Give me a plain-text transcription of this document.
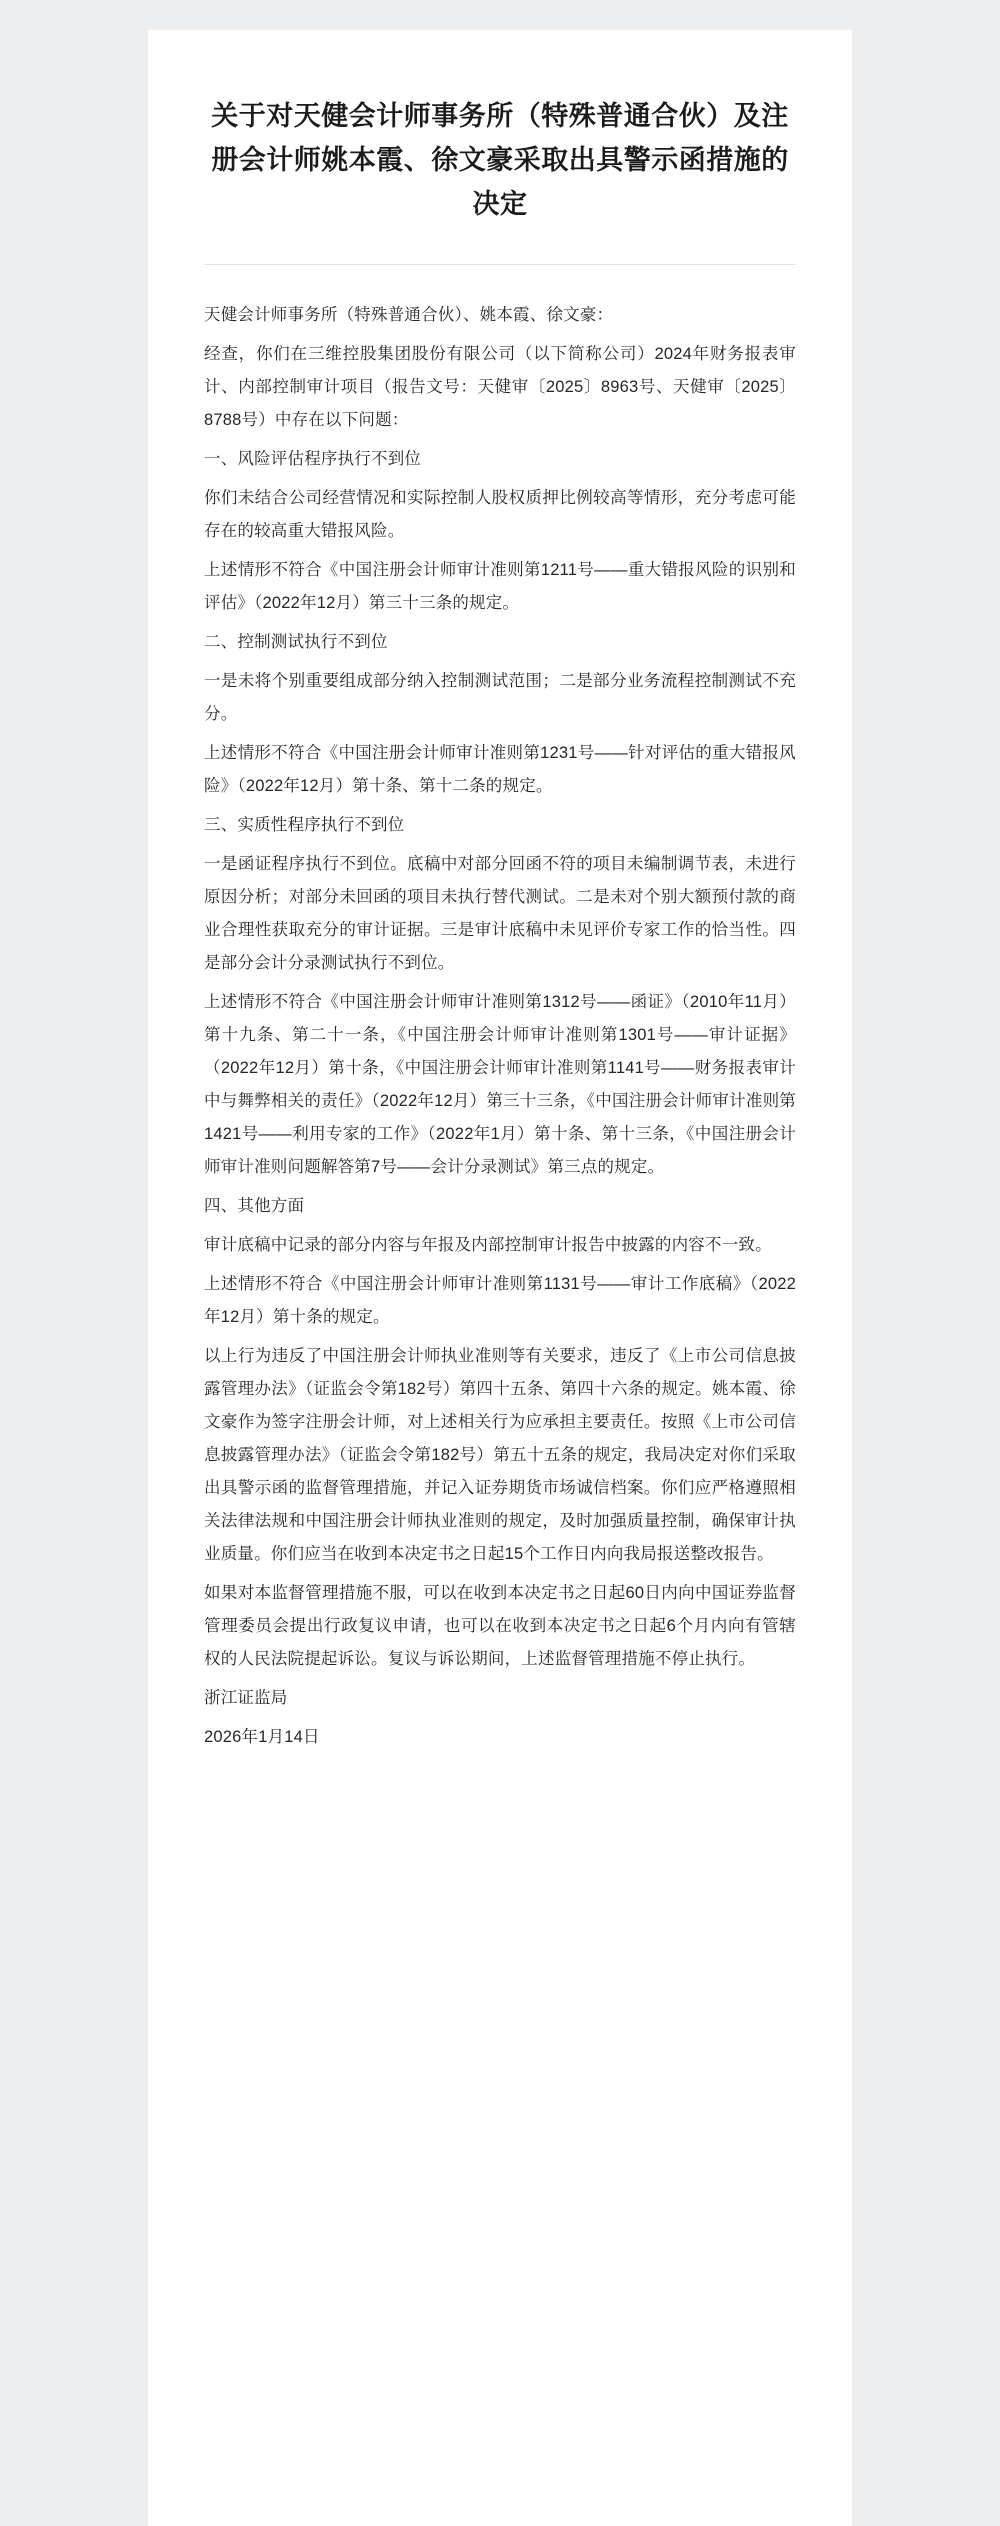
关于对天健会计师事务所（特殊普通合伙）及注册会计师姚本霞、徐文豪采取出具警示函措施的决定

天健会计师事务所（特殊普通合伙）、姚本霞、徐文豪：

经查，你们在三维控股集团股份有限公司（以下简称公司）2024年财务报表审计、内部控制审计项目（报告文号：天健审〔2025〕8963号、天健审〔2025〕8788号）中存在以下问题：

一、风险评估程序执行不到位

你们未结合公司经营情况和实际控制人股权质押比例较高等情形，充分考虑可能存在的较高重大错报风险。

上述情形不符合《中国注册会计师审计准则第1211号——重大错报风险的识别和评估》（2022年12月）第三十三条的规定。

二、控制测试执行不到位

一是未将个别重要组成部分纳入控制测试范围；二是部分业务流程控制测试不充分。

上述情形不符合《中国注册会计师审计准则第1231号——针对评估的重大错报风险》（2022年12月）第十条、第十二条的规定。

三、实质性程序执行不到位

一是函证程序执行不到位。底稿中对部分回函不符的项目未编制调节表，未进行原因分析；对部分未回函的项目未执行替代测试。二是未对个别大额预付款的商业合理性获取充分的审计证据。三是审计底稿中未见评价专家工作的恰当性。四是部分会计分录测试执行不到位。

上述情形不符合《中国注册会计师审计准则第1312号——函证》（2010年11月）第十九条、第二十一条，《中国注册会计师审计准则第1301号——审计证据》（2022年12月）第十条，《中国注册会计师审计准则第1141号——财务报表审计中与舞弊相关的责任》（2022年12月）第三十三条，《中国注册会计师审计准则第1421号——利用专家的工作》（2022年1月）第十条、第十三条，《中国注册会计师审计准则问题解答第7号——会计分录测试》第三点的规定。

四、其他方面

审计底稿中记录的部分内容与年报及内部控制审计报告中披露的内容不一致。

上述情形不符合《中国注册会计师审计准则第1131号——审计工作底稿》（2022年12月）第十条的规定。

以上行为违反了中国注册会计师执业准则等有关要求，违反了《上市公司信息披露管理办法》（证监会令第182号）第四十五条、第四十六条的规定。姚本霞、徐文豪作为签字注册会计师，对上述相关行为应承担主要责任。按照《上市公司信息披露管理办法》（证监会令第182号）第五十五条的规定，我局决定对你们采取出具警示函的监督管理措施，并记入证券期货市场诚信档案。你们应严格遵照相关法律法规和中国注册会计师执业准则的规定，及时加强质量控制，确保审计执业质量。你们应当在收到本决定书之日起15个工作日内向我局报送整改报告。

如果对本监督管理措施不服，可以在收到本决定书之日起60日内向中国证券监督管理委员会提出行政复议申请，也可以在收到本决定书之日起6个月内向有管辖权的人民法院提起诉讼。复议与诉讼期间，上述监督管理措施不停止执行。

浙江证监局

2026年1月14日
